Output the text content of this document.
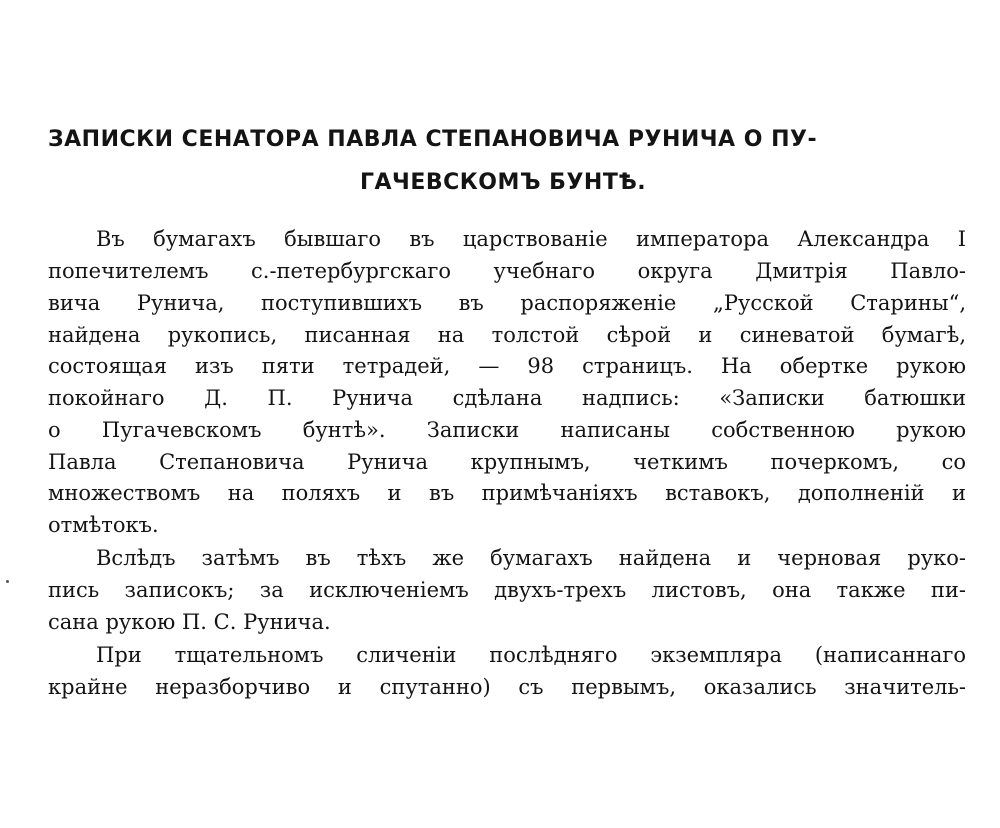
ЗАПИСКИ СЕНАТОРА ПАВЛА СТЕПАНОВИЧА РУНИЧА О ПУ-
ГАЧЕВСКОМЪ БУНТѢ.
Въ бумагахъ бывшаго въ царствованіе императора Александра I
попечителемъ с.-петербургскаго учебнаго округа Дмитрія Павло-
вича Рунича, поступившихъ въ распоряженіе „Русской Старины“,
найдена рукопись, писанная на толстой сѣрой и синеватой бумагѣ,
состоящая изъ пяти тетрадей, — 98 страницъ. На обертке рукою
покойнаго Д. П. Рунича сдѣлана надпись: «Записки батюшки
о Пугачевскомъ бунтѣ». Записки написаны собственною рукою
Павла Степановича Рунича крупнымъ, четкимъ почеркомъ, со
множествомъ на поляхъ и въ примѣчаніяхъ вставокъ, дополненій и
отмѣтокъ.
Вслѣдъ затѣмъ въ тѣхъ же бумагахъ найдена и черновая руко-
пись записокъ; за исключеніемъ двухъ-трехъ листовъ, она также пи-
сана рукою П. С. Рунича.
При тщательномъ сличеніи послѣдняго экземпляра (написаннаго
крайне неразборчиво и спутанно) съ первымъ, оказались значитель-
